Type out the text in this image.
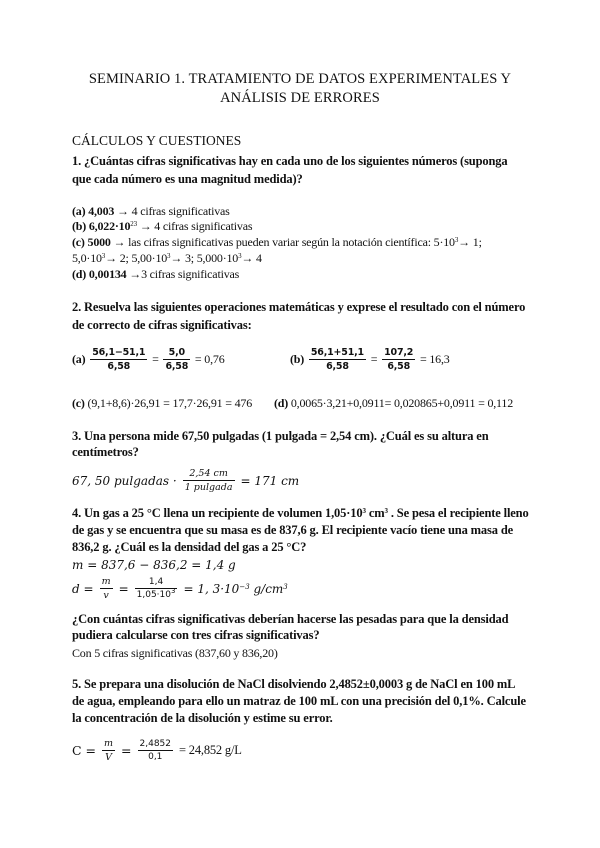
SEMINARIO 1. TRATAMIENTO DE DATOS EXPERIMENTALES Y
ANÁLISIS DE ERRORES
CÁLCULOS Y CUESTIONES
1. ¿Cuántas cifras significativas hay en cada uno de los siguientes números (suponga
que cada número es una magnitud medida)?
(a) 4,003 → 4 cifras significativas
(b) $6,022\cdot 10^{23} \to 4$ cifras significativas
(c) 5000 → las cifras significativas pueden variar según la notación científica: $5\cdot 10^3\to 1$;
$5,0\cdot 10^3\to 2$; $5,00\cdot 10^3\to 3$; $5,000\cdot 10^3\to 4$
(d) 0,00134 →3 cifras significativas
2. Resuelva las siguientes operaciones matemáticas y exprese el resultado con el número
de correcto de cifras significativas:
$(a) \frac{56,1-51,1}{6,58} = \frac{5,0}{6,58} = 0,76$	$(b) \frac{56,1+51,1}{6,58} = \frac{107,2}{6,58} = 16,3$
(c) (9,1+8,6)·26,91 = 17,7·26,91 = 476 (d) 0,0065·3,21+0,0911= 0,020865+0,0911 = 0,112
3. Una persona mide 67,50 pulgadas (1 pulgada = 2,54 cm). ¿Cuál es su altura en
centímetros?
67, 50 pulgadas · $\frac{2,54 cm}{\text{1 pulgada}} = 171$ cm
4. Un gas a 25 °C llena un recipiente de volumen $1,05\cdot 10^3$ $cm^3$ . Se pesa el recipiente lleno
de gas y se encuentra que su masa es de 837,6 g. El recipiente vacío tiene una masa de
836,2 g. ¿Cuál es la densidad del gas a 25 °C?
m = 837,6 − 836,2 = 1,4 g
$d = \frac{m}{v} = \frac{1,4}{1,05\cdot 10^3} = 1$, $3\cdot 10^{-3}$ $g/cm^3$
¿Con cuántas cifras significativas deberían hacerse las pesadas para que la densidad
pudiera calcularse con tres cifras significativas?
Con 5 cifras significativas (837,60 y 836,20)
5. Se prepara una disolución de NaCl disolviendo 2,4852±0,0003 g de NaCl en 100 mL
de agua, empleando para ello un matraz de 100 mL con una precisión del 0,1%. Calcule
la concentración de la disolución y estime su error.
$C = \frac{m}{V} = \frac{2,4852}{0,1} = 24,852$ g/L
